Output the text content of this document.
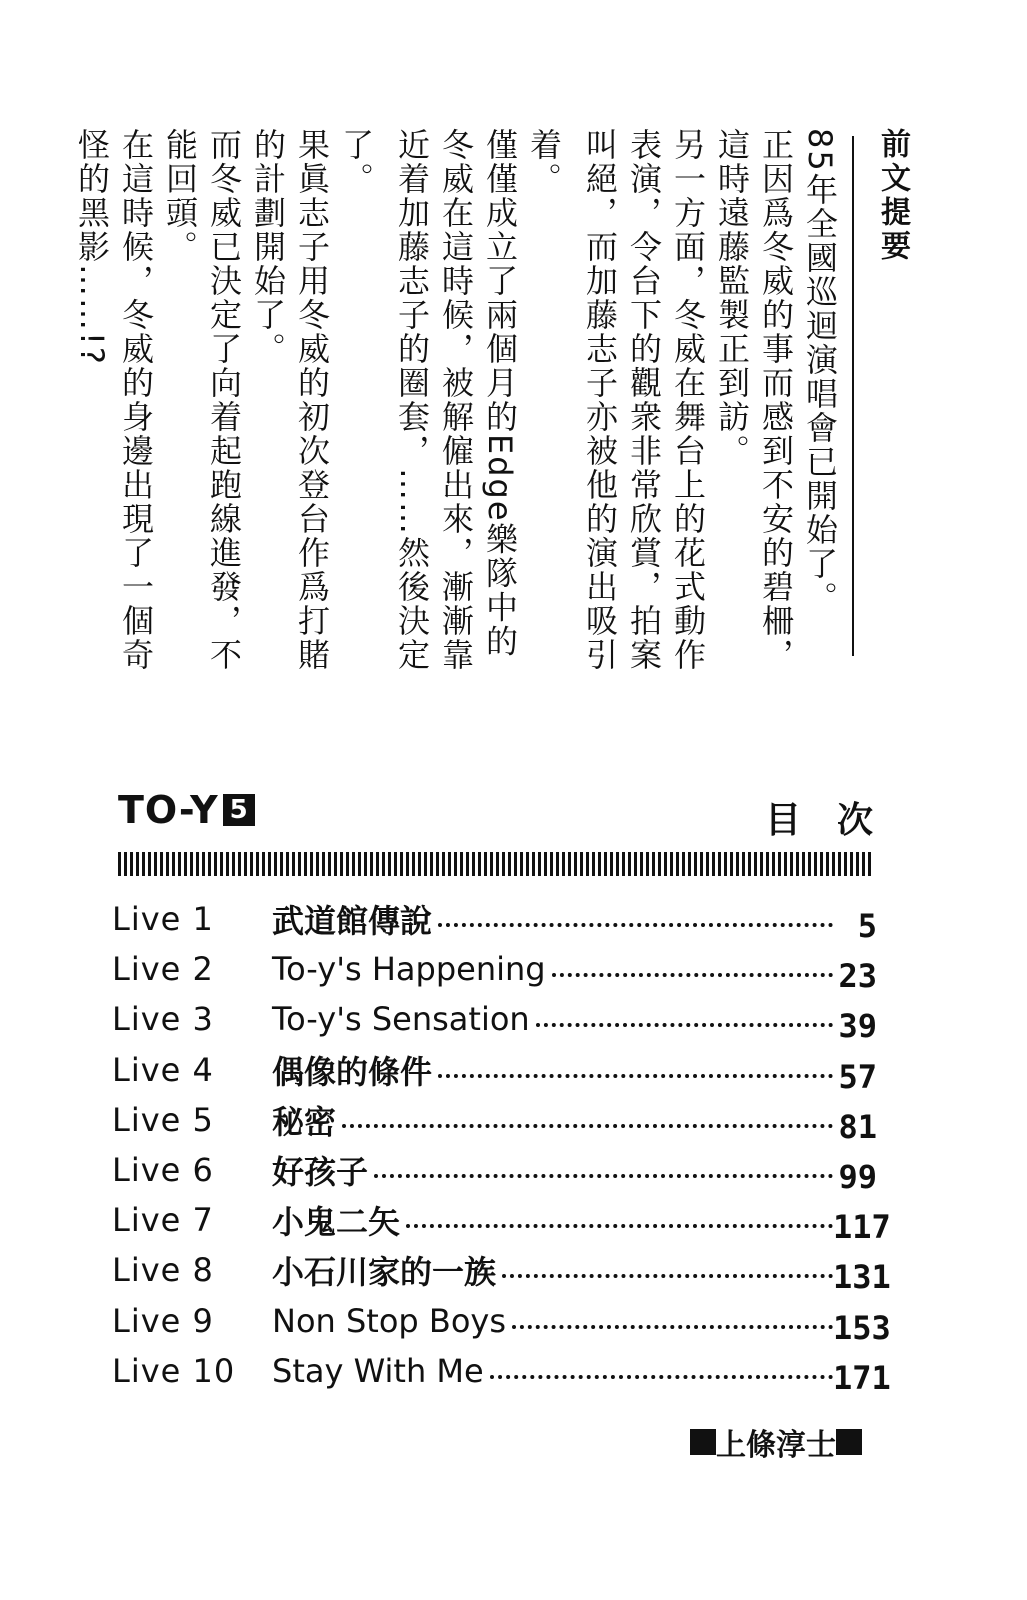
前文提要
85年全國巡迴演唱會已開始了。
正因爲冬威的事而感到不安的碧柵，
這時遠藤監製正到訪。
另一方面，冬威在舞台上的花式動作
表演，令台下的觀衆非常欣賞，拍案
叫絕，而加藤志子亦被他的演出吸引
着。
僅僅成立了兩個月的Edge樂隊中的
冬威在這時候，被解僱出來，漸漸靠
近着加藤志子的圈套，……然後決定
了。
果眞志子用冬威的初次登台作爲打賭
的計劃開始了。
而冬威已決定了向着起跑線進發，不
能回頭。
在這時候，冬威的身邊出現了一個奇
怪的黑影……!?
TO-Y 5	目次
Live 1	武道館傳說	5
Live 2	To-y's Happening	23
Live 3	To-y's Sensation	39
Live 4	偶像的條件	57
Live 5	秘密	81
Live 6	好孩子	99
Live 7	小鬼二矢	117
Live 8	小石川家的一族	131
Live 9	Non Stop Boys	153
Live 10	Stay With Me	171
上條淳士
